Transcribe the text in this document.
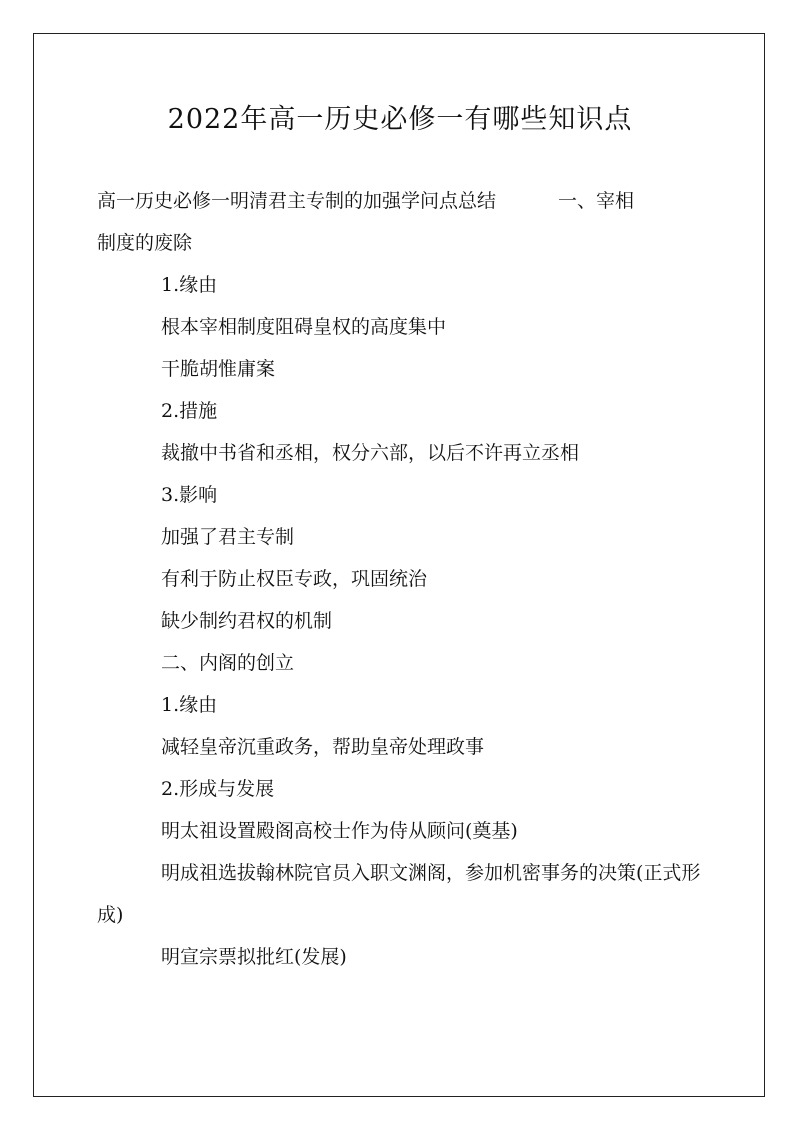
2022年高一历史必修一有哪些知识点

高一历史必修一明清君主专制的加强学问点总结	一、宰相
制度的废除

1.缘由

根本宰相制度阻碍皇权的高度集中

干脆胡惟庸案

2.措施

裁撤中书省和丞相，权分六部，以后不许再立丞相

3.影响

加强了君主专制

有利于防止权臣专政，巩固统治

缺少制约君权的机制

二、内阁的创立

1.缘由

减轻皇帝沉重政务，帮助皇帝处理政事

2.形成与发展

明太祖设置殿阁高校士作为侍从顾问(奠基)

明成祖选拔翰林院官员入职文渊阁，参加机密事务的决策(正式形成)

明宣宗票拟批红(发展)
